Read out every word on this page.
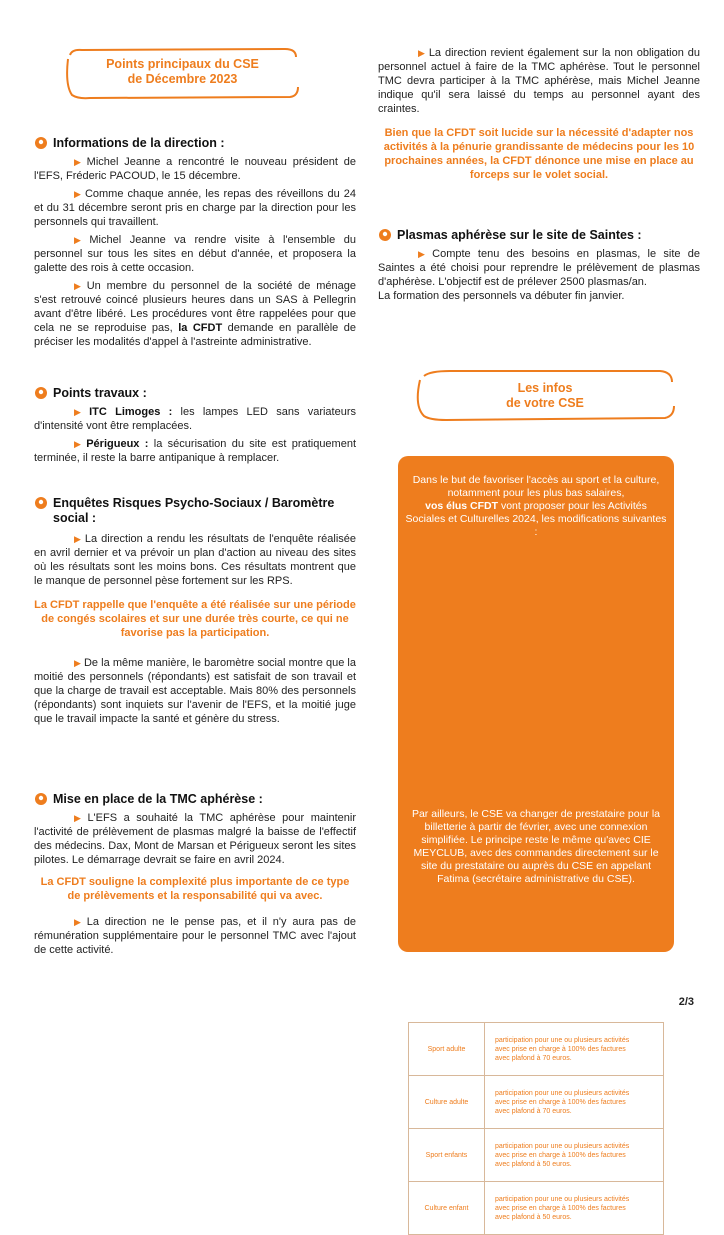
Points principaux du CSE
de Décembre 2023
Les infos
de votre CSE
Informations de la direction :

▶ Michel Jeanne a rencontré le nouveau président de l'EFS, Fréderic PACOUD, le 15 décembre.

▶ Comme chaque année, les repas des réveillons du 24 et du 31 décembre seront pris en charge par la direction pour les personnels qui travaillent.

▶ Michel Jeanne va rendre visite à l'ensemble du personnel sur tous les sites en début d'année, et proposera la galette des rois à cette occasion.

▶ Un membre du personnel de la société de ménage s'est retrouvé coincé plusieurs heures dans un SAS à Pellegrin avant d'être libéré. Les procédures vont être rappelées pour que cela ne se reproduise pas, la CFDT demande en parallèle de préciser les modalités d'appel à l'astreinte administrative.

Points travaux :

▶ ITC Limoges : les lampes LED sans variateurs d'intensité vont être remplacées.

▶ Périgueux : la sécurisation du site est pratiquement terminée, il reste la barre antipanique à remplacer.

Enquêtes Risques Psycho-Sociaux / Baromètre social :

▶ La direction a rendu les résultats de l'enquête réalisée en avril dernier et va prévoir un plan d'action au niveau des sites où les résultats sont les moins bons. Ces résultats montrent que le manque de personnel pèse fortement sur les RPS.

La CFDT rappelle que l'enquête a été réalisée sur une période de congés scolaires et sur une durée très courte, ce qui ne favorise pas la participation.

▶ De la même manière, le baromètre social montre que la moitié des personnels (répondants) est satisfait de son travail et que la charge de travail est acceptable. Mais 80% des personnels (répondants) sont inquiets sur l'avenir de l'EFS, et la moitié juge que le travail impacte la santé et génère du stress.

Mise en place de la TMC aphérèse :

▶ L'EFS a souhaité la TMC aphérèse pour maintenir l'activité de prélèvement de plasmas malgré la baisse de l'effectif des médecins. Dax, Mont de Marsan et Périgueux seront les sites pilotes. Le démarrage devrait se faire en avril 2024.

La CFDT souligne la complexité plus importante de ce type de prélèvements et la responsabilité qui va avec.

▶ La direction ne le pense pas, et il n'y aura pas de rémunération supplémentaire pour le personnel TMC avec l'ajout de cette activité.

▶ La direction revient également sur la non obligation du personnel actuel à faire de la TMC aphérèse. Tout le personnel TMC devra participer à la TMC aphérèse, mais Michel Jeanne indique qu'il sera laissé du temps au personnel ayant des craintes.

Bien que la CFDT soit lucide sur la nécessité d'adapter nos activités à la pénurie grandissante de médecins pour les 10 prochaines années, la CFDT dénonce une mise en place au forceps sur le volet social.

Plasmas aphérèse sur le site de Saintes :

▶ Compte tenu des besoins en plasmas, le site de Saintes a été choisi pour reprendre le prélèvement de plasmas d'aphérèse. L'objectif est de prélever 2500 plasmas/an.

La formation des personnels va débuter fin janvier.

Dans le but de favoriser l'accès au sport et la culture, notamment pour les plus bas salaires,
vos élus CFDT vont proposer pour les Activités Sociales et Culturelles 2024, les modifications suivantes :

Sport adulte	participation pour une ou plusieurs activités
avec prise en charge à 100% des factures
avec plafond à 70 euros.

Culture adulte	participation pour une ou plusieurs activités
avec prise en charge à 100% des factures
avec plafond à 70 euros.

Sport enfants	participation pour une ou plusieurs activités
avec prise en charge à 100% des factures
avec plafond à 50 euros.

Culture enfant	participation pour une ou plusieurs activités
avec prise en charge à 100% des factures
avec plafond à 50 euros.

Par ailleurs, le CSE va changer de prestataire pour la billetterie à partir de février, avec une connexion simplifiée. Le principe reste le même qu'avec CIE MEYCLUB, avec des commandes directement sur le site du prestataire ou auprès du CSE en appelant Fatima (secrétaire administrative du CSE).

2/3
